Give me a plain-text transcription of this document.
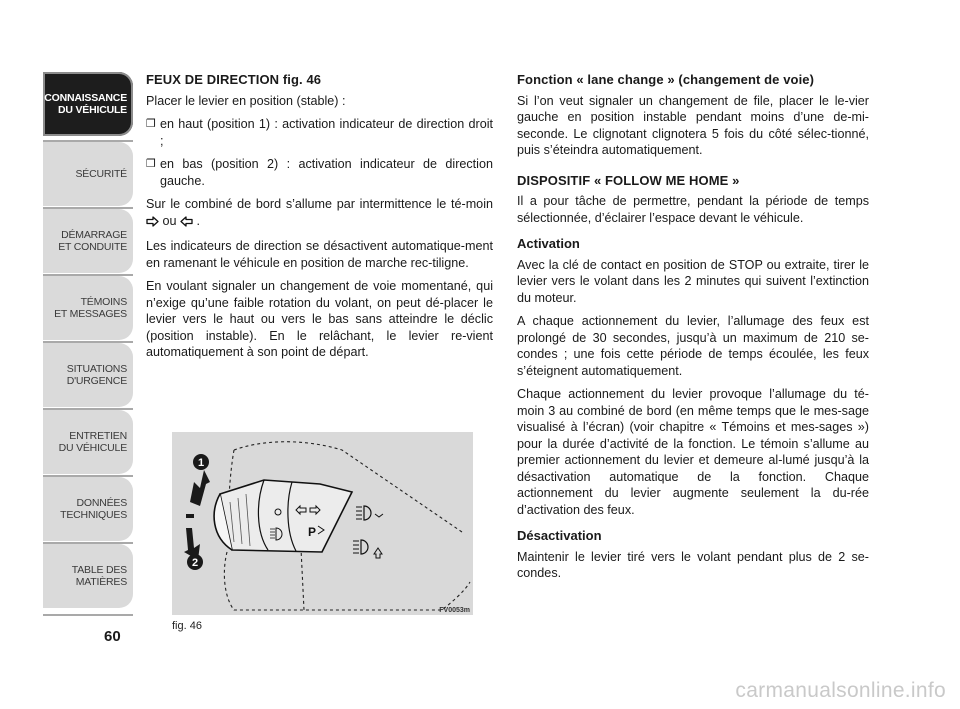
CONNAISSANCE
DU VÉHICULE
SÉCURITÉ
DÉMARRAGE
ET CONDUITE
TÉMOINS
ET MESSAGES
SITUATIONS
D'URGENCE
ENTRETIEN
DU VÉHICULE
DONNÉES
TECHNIQUES
TABLE DES
MATIÈRES
60
FEUX DE DIRECTION fig. 46

Placer le levier en position (stable) :

❒ en haut (position 1) : activation indicateur de direction droit ;
❒ en bas (position 2) : activation indicateur de direction gauche.

Sur le combiné de bord s’allume par intermittence le té-moin  ou  .

Les indicateurs de direction se désactivent automatique-ment en ramenant le véhicule en position de marche rec-tiligne.

En voulant signaler un changement de voie momentané, qui n’exige qu’une faible rotation du volant, on peut dé-placer le levier vers le haut ou vers le bas sans atteindre le déclic (position instable). En le relâchant, le levier re-vient automatiquement à son point de départ.

P
1
2
FV0053m
fig. 46
Fonction « lane change » (changement de voie)

Si l’on veut signaler un changement de file, placer le le-vier gauche en position instable pendant moins d’une de-mi-seconde. Le clignotant clignotera 5 fois du côté sélec-tionné, puis s’éteindra automatiquement.

DISPOSITIF « FOLLOW ME HOME »

Il a pour tâche de permettre, pendant la période de temps sélectionnée, d’éclairer l’espace devant le véhicule.

Activation

Avec la clé de contact en position de STOP ou extraite, tirer le levier vers le volant dans les 2 minutes qui suivent l’extinction du moteur.

A chaque actionnement du levier, l’allumage des feux est prolongé de 30 secondes, jusqu’à un maximum de 210 se-condes ; une fois cette période de temps écoulée, les feux s’éteignent automatiquement.

Chaque actionnement du levier provoque l’allumage du té-moin 3 au combiné de bord (en même temps que le mes-sage visualisé à l’écran) (voir chapitre « Témoins et mes-sages ») pour la durée d’activité de la fonction. Le témoin s’allume au premier actionnement du levier et demeure al-lumé jusqu’à la désactivation automatique de la fonction. Chaque actionnement du levier augmente seulement la du-rée d’activation des feux.

Désactivation

Maintenir le levier tiré vers le volant pendant plus de 2 se-condes.

carmanualsonline.info
